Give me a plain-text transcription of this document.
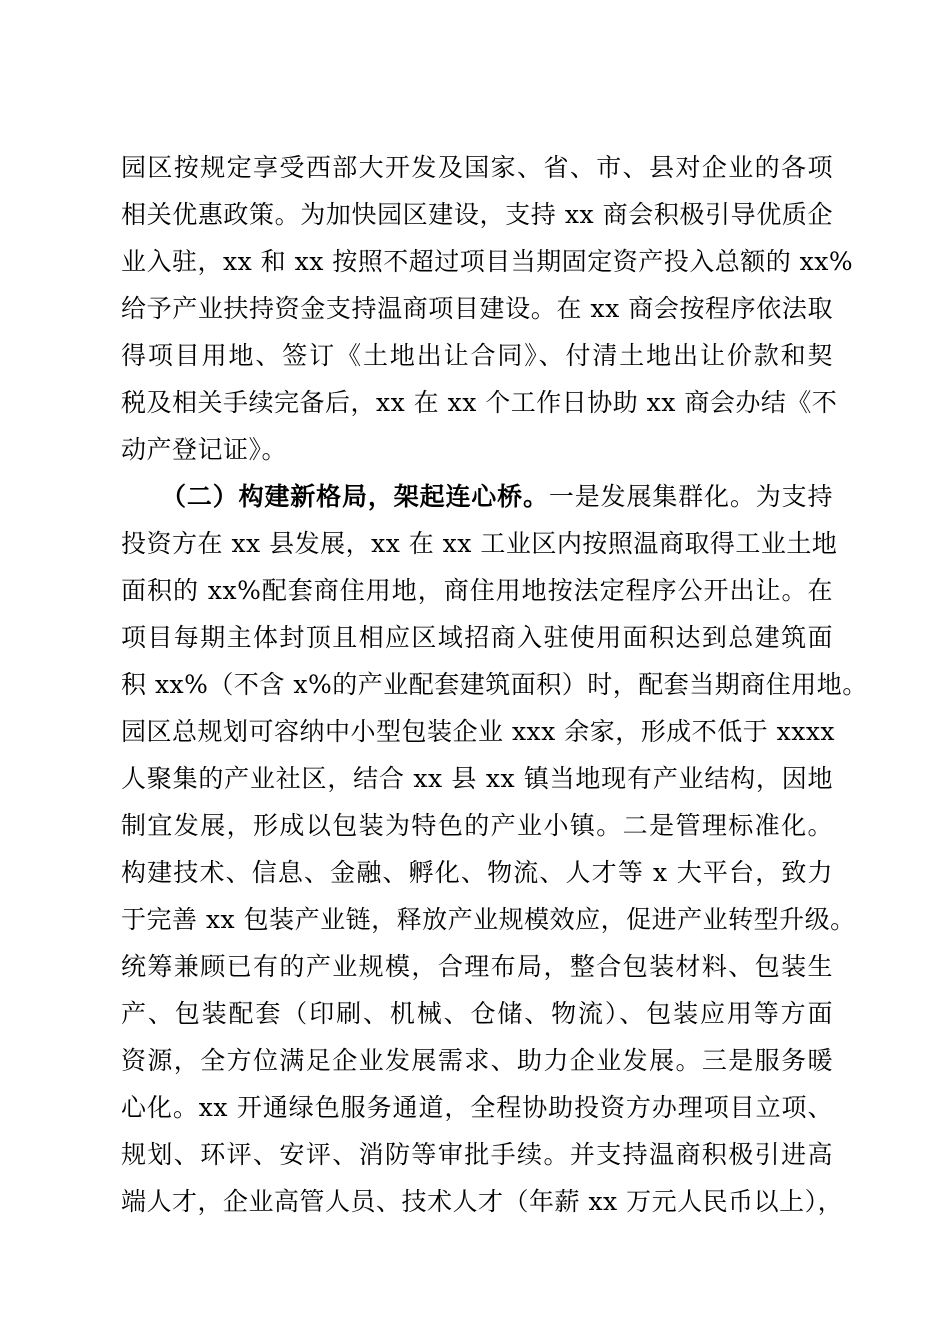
园区按规定享受西部大开发及国家、省、市、县对企业的各项
相关优惠政策。为加快园区建设，支持 xx 商会积极引导优质企
业入驻，xx 和 xx 按照不超过项目当期固定资产投入总额的 xx%
给予产业扶持资金支持温商项目建设。在 xx 商会按程序依法取
得项目用地、签订《土地出让合同》、付清土地出让价款和契
税及相关手续完备后，xx 在 xx 个工作日协助 xx 商会办结《不
动产登记证》。
（二）构建新格局，架起连心桥。一是发展集群化。为支持
投资方在 xx 县发展，xx 在 xx 工业区内按照温商取得工业土地
面积的 xx%配套商住用地，商住用地按法定程序公开出让。在
项目每期主体封顶且相应区域招商入驻使用面积达到总建筑面
积 xx%（不含 x%的产业配套建筑面积）时，配套当期商住用地。
园区总规划可容纳中小型包装企业 xxx 余家，形成不低于 xxxx
人聚集的产业社区，结合 xx 县 xx 镇当地现有产业结构，因地
制宜发展，形成以包装为特色的产业小镇。二是管理标准化。
构建技术、信息、金融、孵化、物流、人才等 x 大平台，致力
于完善 xx 包装产业链，释放产业规模效应，促进产业转型升级。
统筹兼顾已有的产业规模，合理布局，整合包装材料、包装生
产、包装配套（印刷、机械、仓储、物流）、包装应用等方面
资源，全方位满足企业发展需求、助力企业发展。三是服务暖
心化。xx 开通绿色服务通道，全程协助投资方办理项目立项、
规划、环评、安评、消防等审批手续。并支持温商积极引进高
端人才，企业高管人员、技术人才（年薪 xx 万元人民币以上），
